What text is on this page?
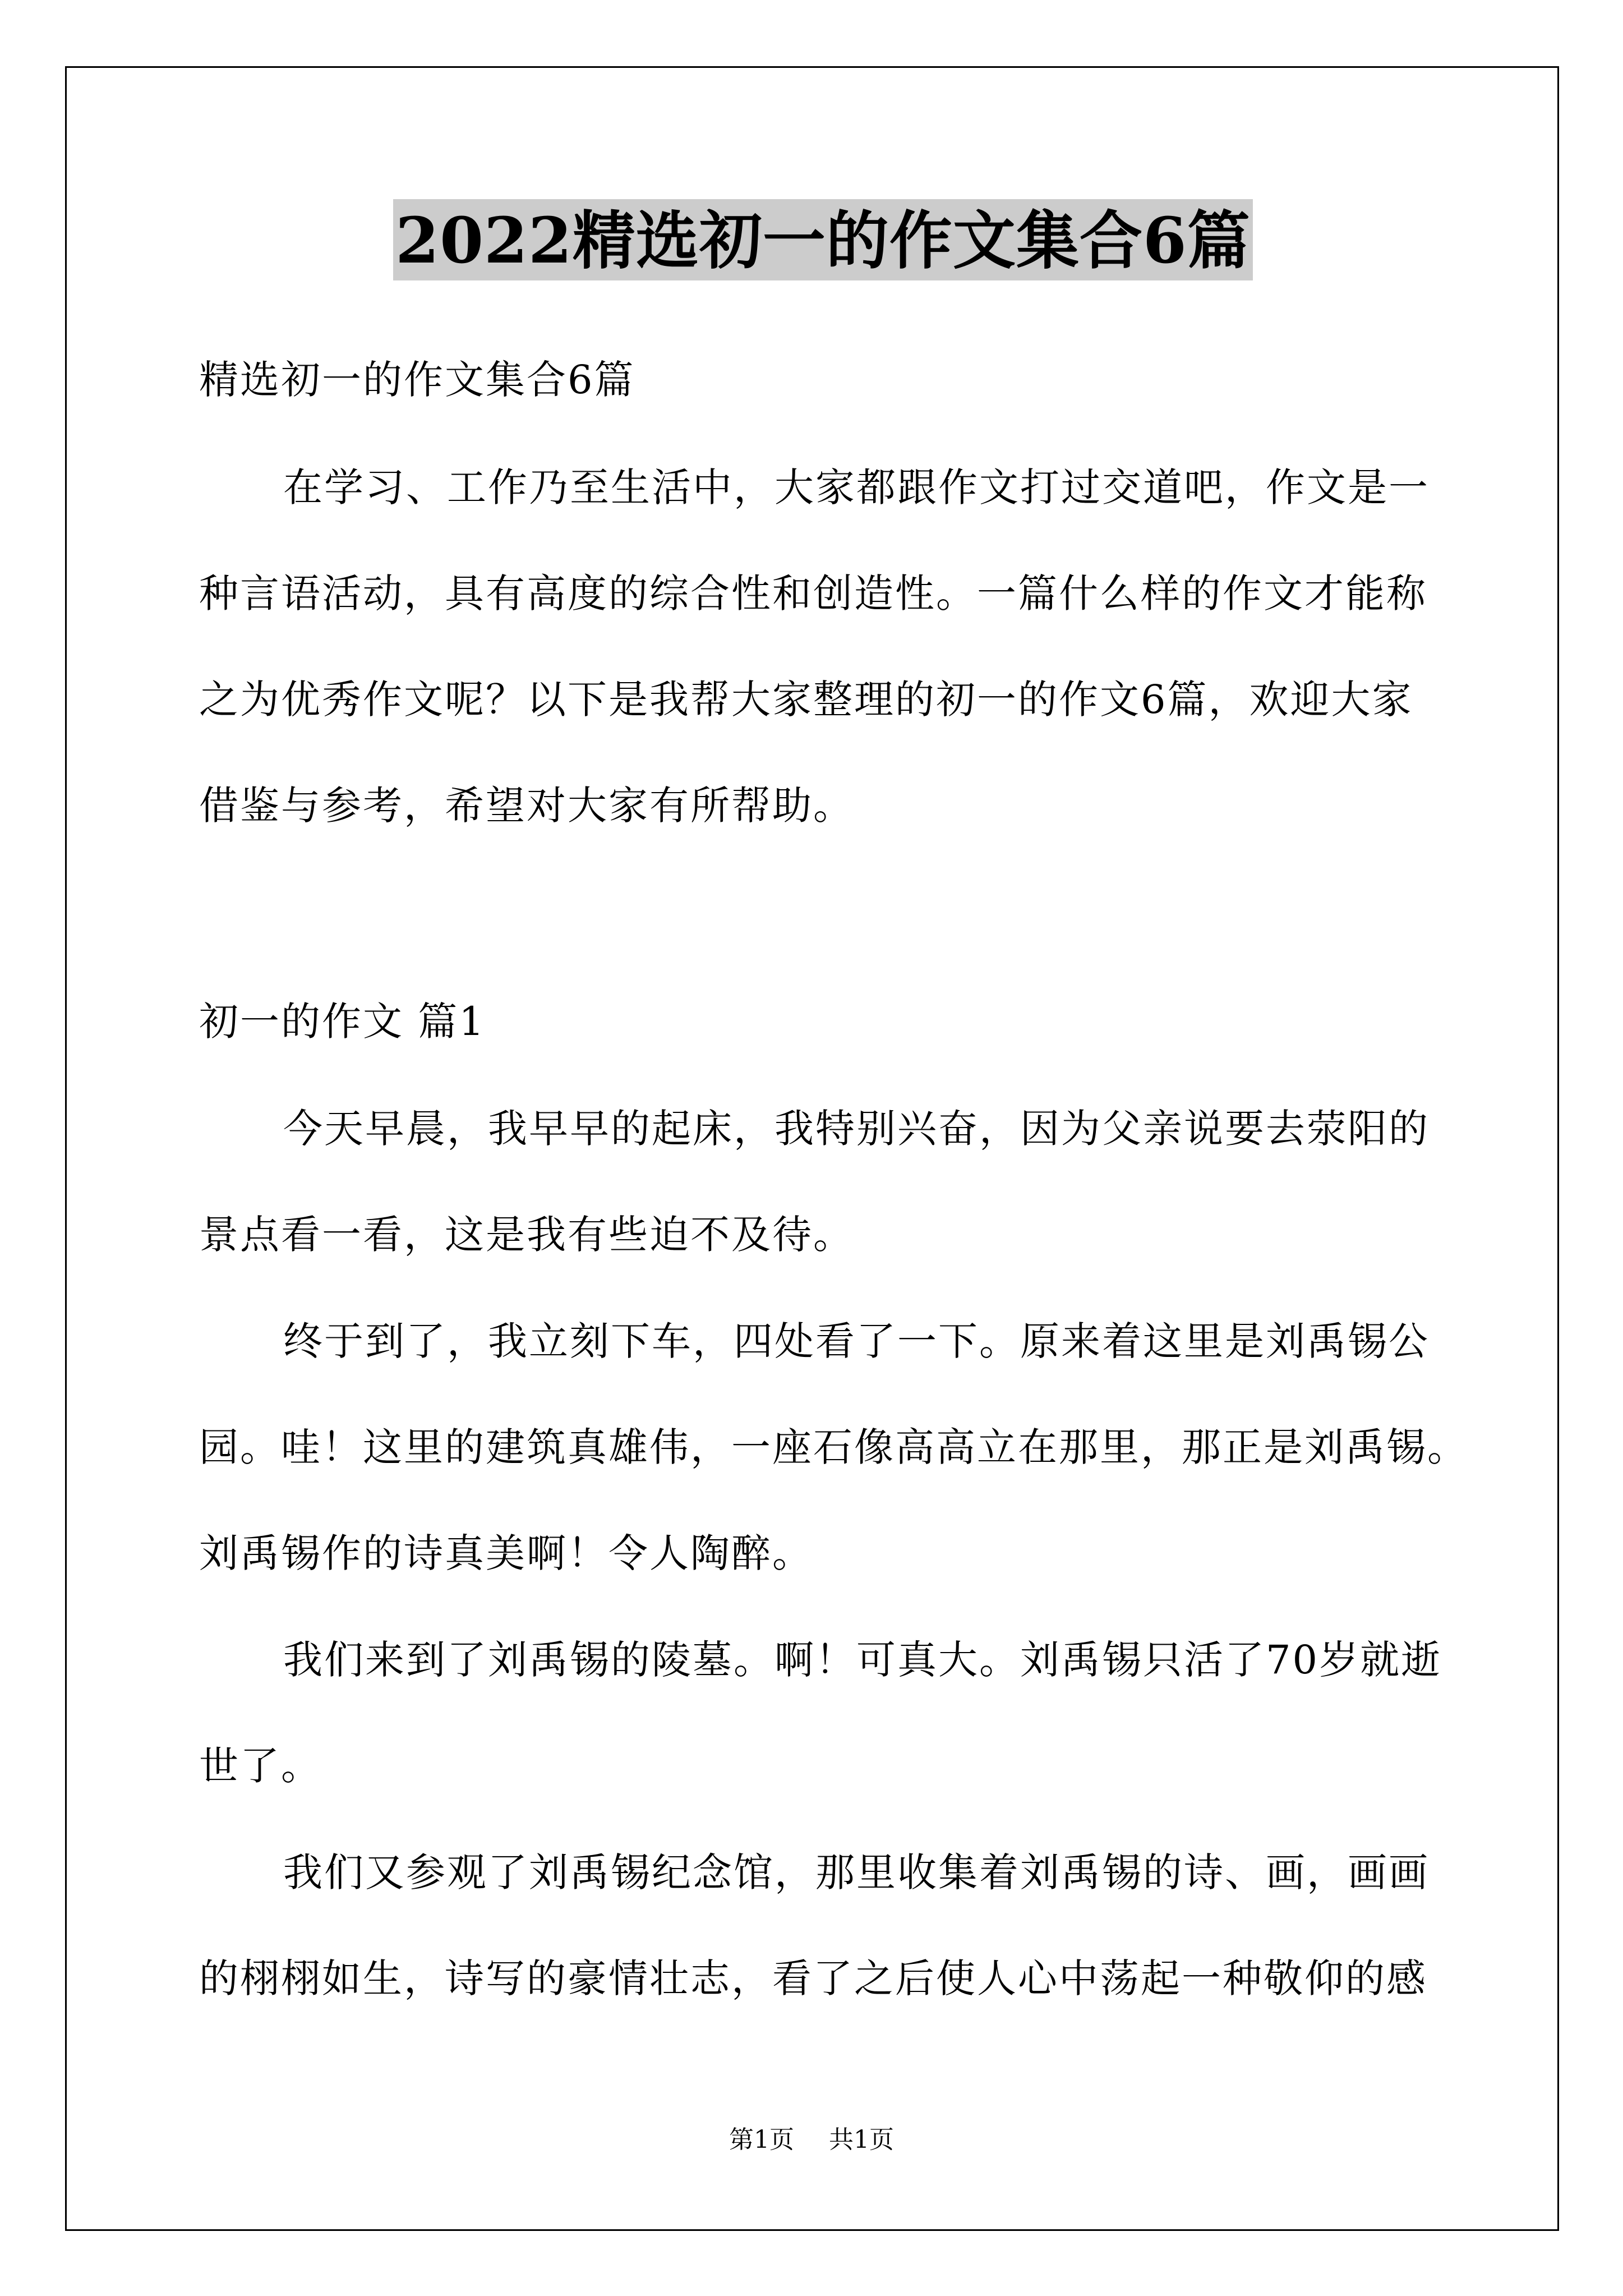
2022精选初一的作文集合6篇
精选初一的作文集合6篇
在学习、工作乃至生活中，大家都跟作文打过交道吧，作文是一
种言语活动，具有高度的综合性和创造性。一篇什么样的作文才能称
之为优秀作文呢？以下是我帮大家整理的初一的作文6篇，欢迎大家
借鉴与参考，希望对大家有所帮助。
初一的作文 篇1
今天早晨，我早早的起床，我特别兴奋，因为父亲说要去荥阳的
景点看一看，这是我有些迫不及待。
终于到了，我立刻下车，四处看了一下。原来着这里是刘禹锡公
园。哇！这里的建筑真雄伟，一座石像高高立在那里，那正是刘禹锡。
刘禹锡作的诗真美啊！令人陶醉。
我们来到了刘禹锡的陵墓。啊！可真大。刘禹锡只活了70岁就逝
世了。
我们又参观了刘禹锡纪念馆，那里收集着刘禹锡的诗、画，画画
的栩栩如生，诗写的豪情壮志，看了之后使人心中荡起一种敬仰的感
第1页 共1页
